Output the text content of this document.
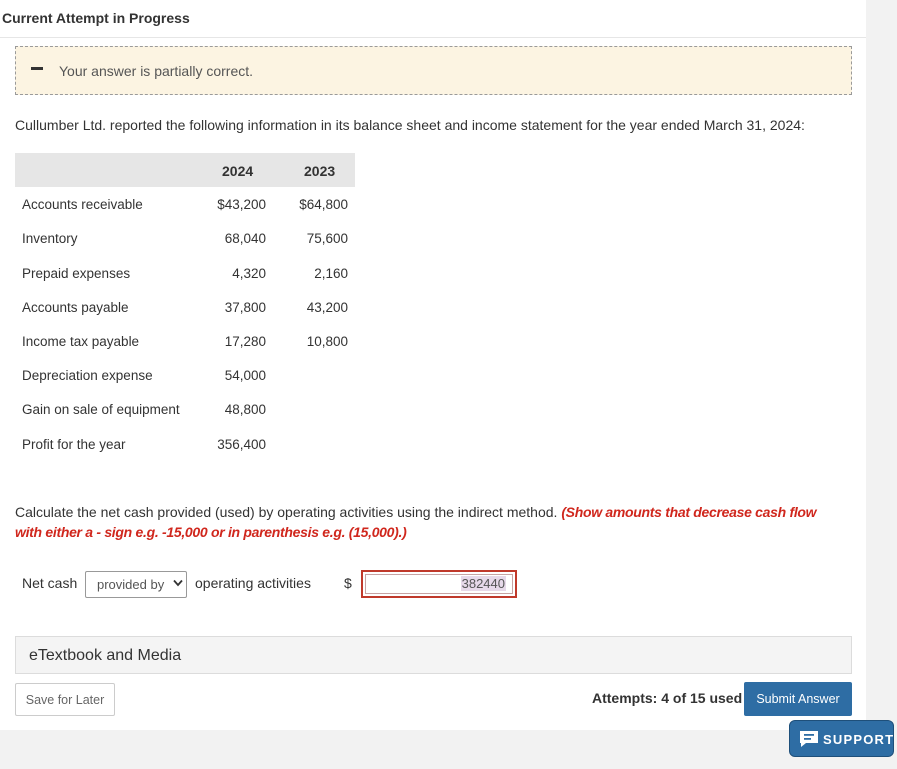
Current Attempt in Progress
Your answer is partially correct.
Cullumber Ltd. reported the following information in its balance sheet and income statement for the year ended March 31, 2024:
2024	2023
Accounts receivable	$43,200	$64,800
Inventory	68,040	75,600
Prepaid expenses	4,320	2,160
Accounts payable	37,800	43,200
Income tax payable	17,280	10,800
Depreciation expense	54,000
Gain on sale of equipment	48,800
Profit for the year	356,400
Calculate the net cash provided (used) by operating activities using the indirect method. (Show amounts that decrease cash flow with either a - sign e.g. -15,000 or in parenthesis e.g. (15,000).)
Net cash provided by operating activities $	382440
eTextbook and Media
Save for Later	Attempts: 4 of 15 used	Submit Answer
SUPPORT
